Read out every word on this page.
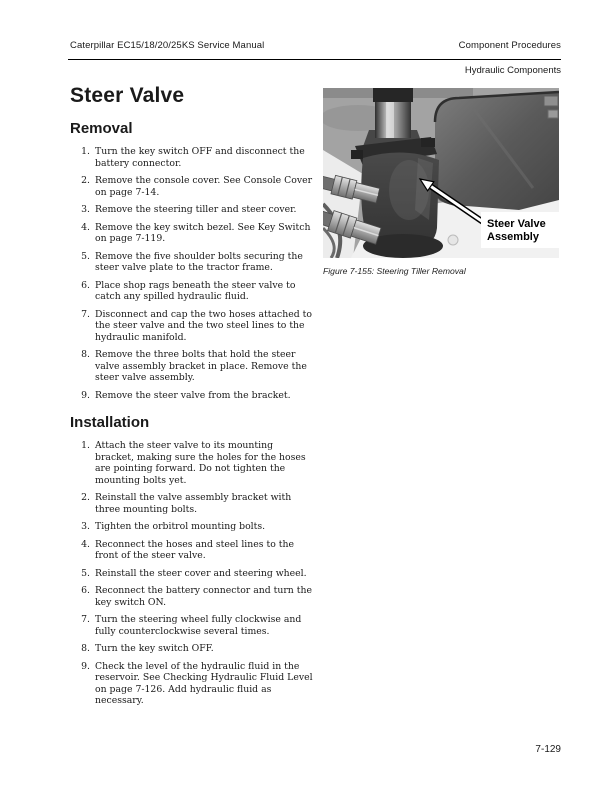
Caterpillar EC15/18/20/25KS Service Manual	Component Procedures
Hydraulic Components
Steer Valve
Removal
1. Turn the key switch OFF and disconnect the battery connector.
2. Remove the console cover. See Console Cover on page 7-14.
3. Remove the steering tiller and steer cover.
4. Remove the key switch bezel. See Key Switch on page 7-119.
5. Remove the five shoulder bolts securing the steer valve plate to the tractor frame.
6. Place shop rags beneath the steer valve to catch any spilled hydraulic fluid.
7. Disconnect and cap the two hoses attached to the steer valve and the two steel lines to the hydraulic manifold.
8. Remove the three bolts that hold the steer valve assembly bracket in place. Remove the steer valve assembly.
9. Remove the steer valve from the bracket.
Installation
1. Attach the steer valve to its mounting bracket, making sure the holes for the hoses are pointing forward. Do not tighten the mounting bolts yet.
2. Reinstall the valve assembly bracket with three mounting bolts.
3. Tighten the orbitrol mounting bolts.
4. Reconnect the hoses and steel lines to the front of the steer valve.
5. Reinstall the steer cover and steering wheel.
6. Reconnect the battery connector and turn the key switch ON.
7. Turn the steering wheel fully clockwise and fully counterclockwise several times.
8. Turn the key switch OFF.
9. Check the level of the hydraulic fluid in the reservoir. See Checking Hydraulic Fluid Level on page 7-126. Add hydraulic fluid as necessary.
Steer Valve
Assembly
Figure 7-155: Steering Tiller Removal
7-129
